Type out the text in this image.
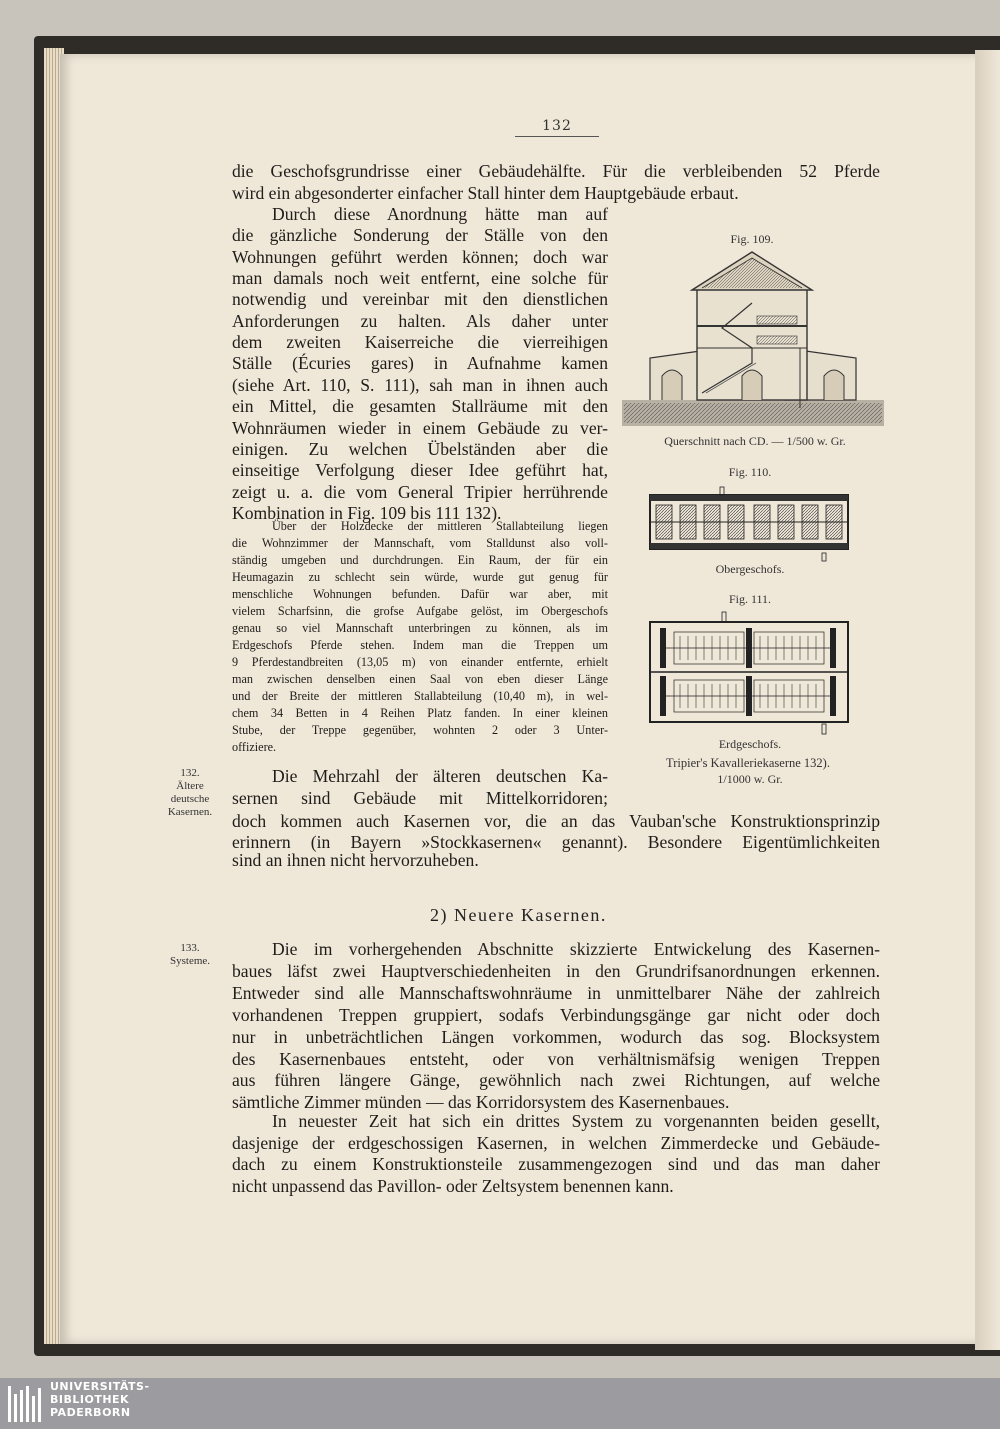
132
die Geschofsgrundrisse einer Gebäudehälfte. Für die verbleibenden 52 Pferde
wird ein abgesonderter einfacher Stall hinter dem Hauptgebäude erbaut.
Durch diese Anordnung hätte man auf
die gänzliche Sonderung der Ställe von den
Wohnungen geführt werden können; doch war
man damals noch weit entfernt, eine solche für
notwendig und vereinbar mit den dienstlichen
Anforderungen zu halten. Als daher unter
dem zweiten Kaiserreiche die vierreihigen
Ställe (Écuries gares) in Aufnahme kamen
(siehe Art. 110, S. 111), sah man in ihnen auch
ein Mittel, die gesamten Stallräume mit den
Wohnräumen wieder in einem Gebäude zu ver-
einigen. Zu welchen Übelständen aber die
einseitige Verfolgung dieser Idee geführt hat,
zeigt u. a. die vom General Tripier herrührende
Kombination in Fig. 109 bis 111 132).
Über der Holzdecke der mittleren Stallabteilung liegen
die Wohnzimmer der Mannschaft, vom Stalldunst also voll-
ständig umgeben und durchdrungen. Ein Raum, der für ein
Heumagazin zu schlecht sein würde, wurde gut genug für
menschliche Wohnungen befunden. Dafür war aber, mit
vielem Scharfsinn, die grofse Aufgabe gelöst, im Obergeschofs
genau so viel Mannschaft unterbringen zu können, als im
Erdgeschofs Pferde stehen. Indem man die Treppen um
9 Pferdestandbreiten (13,05 m) von einander entfernte, erhielt
man zwischen denselben einen Saal von eben dieser Länge
und der Breite der mittleren Stallabteilung (10,40 m), in wel-
chem 34 Betten in 4 Reihen Platz fanden. In einer kleinen
Stube, der Treppe gegenüber, wohnten 2 oder 3 Unter-
offiziere.
Die Mehrzahl der älteren deutschen Ka-
sernen sind Gebäude mit Mittelkorridoren;
doch kommen auch Kasernen vor, die an das Vauban'sche Konstruktionsprinzip
erinnern (in Bayern »Stockkasernen« genannt). Besondere Eigentümlichkeiten
sind an ihnen nicht hervorzuheben.
132.
Ältere
deutsche
Kasernen.
133.
Systeme.
2) Neuere Kasernen.
Die im vorhergehenden Abschnitte skizzierte Entwickelung des Kasernen-
baues läfst zwei Hauptverschiedenheiten in den Grundrifsanordnungen erkennen.
Entweder sind alle Mannschaftswohnräume in unmittelbarer Nähe der zahlreich
vorhandenen Treppen gruppiert, sodafs Verbindungsgänge gar nicht oder doch
nur in unbeträchtlichen Längen vorkommen, wodurch das sog. Blocksystem
des Kasernenbaues entsteht, oder von verhältnismäfsig wenigen Treppen
aus führen längere Gänge, gewöhnlich nach zwei Richtungen, auf welche
sämtliche Zimmer münden — das Korridorsystem des Kasernenbaues.
In neuester Zeit hat sich ein drittes System zu vorgenannten beiden gesellt,
dasjenige der erdgeschossigen Kasernen, in welchen Zimmerdecke und Gebäude-
dach zu einem Konstruktionsteile zusammengezogen sind und das man daher
nicht unpassend das Pavillon- oder Zeltsystem benennen kann.
Fig. 109.
Querschnitt nach CD. — 1/500 w. Gr.
Fig. 110.
Obergeschofs.
Fig. 111.
Erdgeschofs.
Tripier's Kavalleriekaserne 132).
1/1000 w. Gr.
UNIVERSITÄTS-
BIBLIOTHEK
PADERBORN
